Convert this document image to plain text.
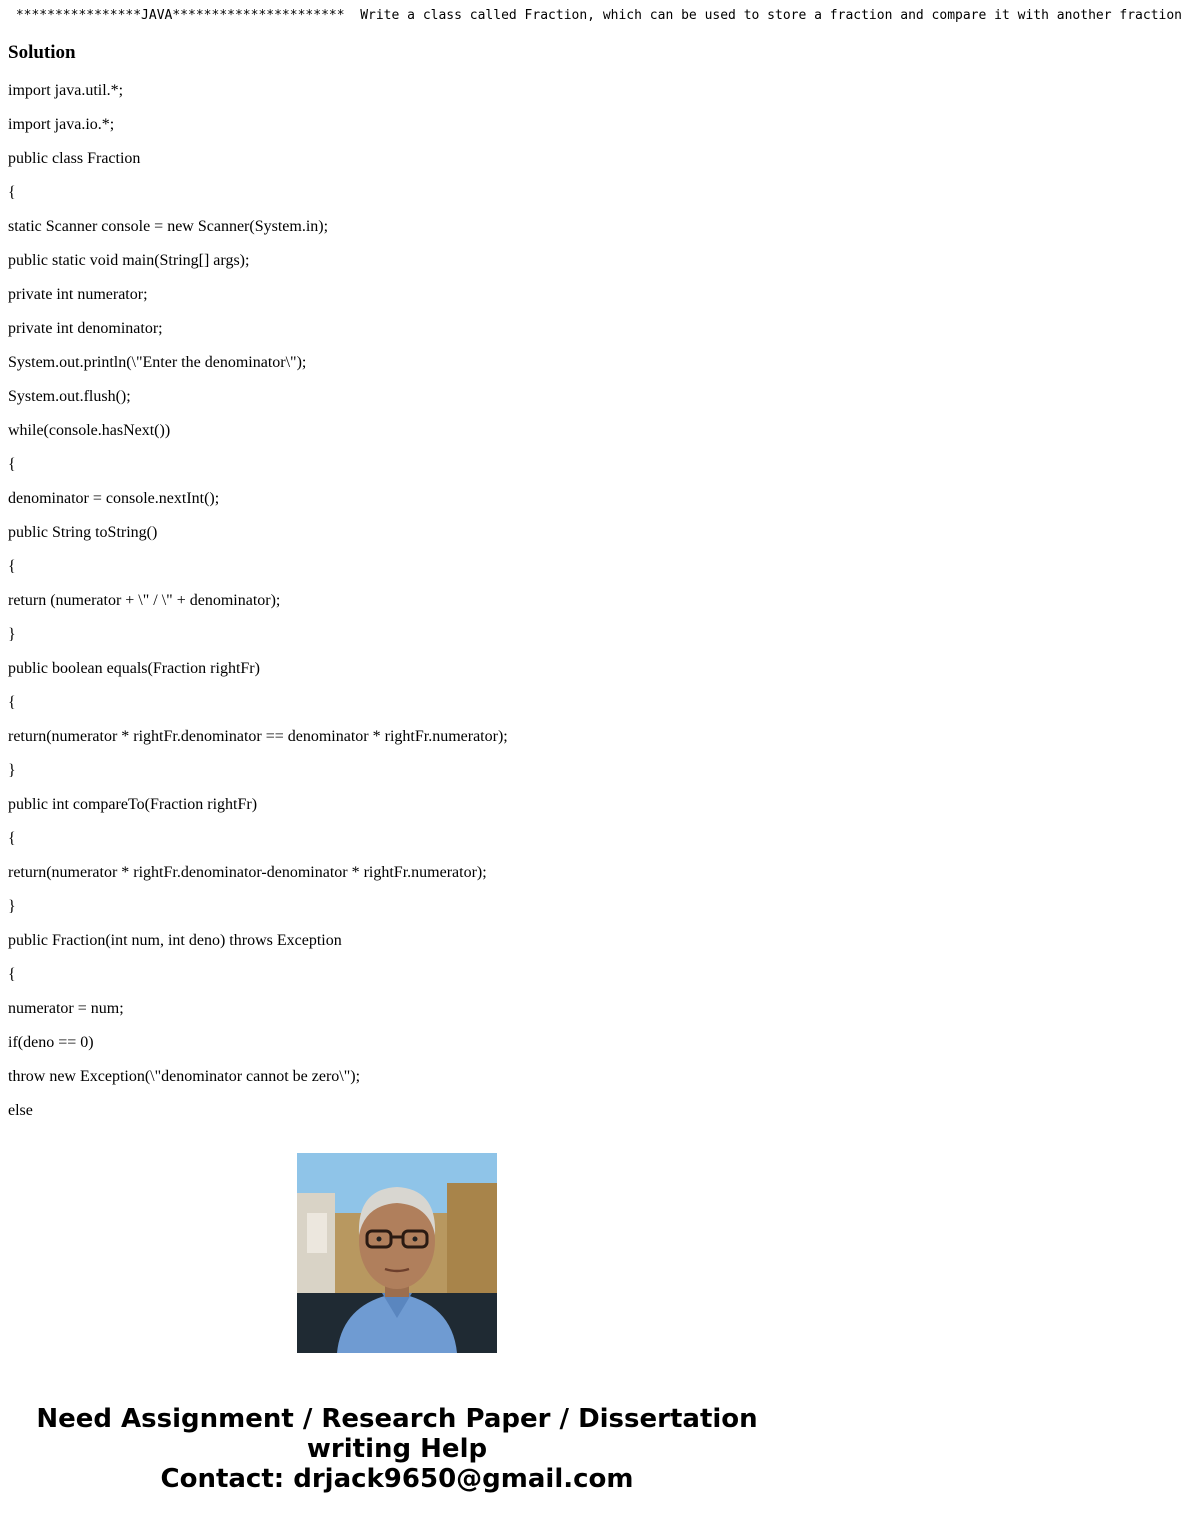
****************JAVA**********************  Write a class called Fraction, which can be used to store a fraction and compare it with another fraction
Solution
import java.util.*;
import java.io.*;
public class Fraction
{
static Scanner console = new Scanner(System.in);
public static void main(String[] args);
private int numerator;
private int denominator;
System.out.println(\"Enter the denominator\");
System.out.flush();
while(console.hasNext())
{
denominator = console.nextInt();
public String toString()
{
return (numerator + \" / \" + denominator);
}
public boolean equals(Fraction rightFr)
{
return(numerator * rightFr.denominator == denominator * rightFr.numerator);
}
public int compareTo(Fraction rightFr)
{
return(numerator * rightFr.denominator-denominator * rightFr.numerator);
}
public Fraction(int num, int deno) throws Exception
{
numerator = num;
if(deno == 0)
throw new Exception(\"denominator cannot be zero\");
else
Need Assignment / Research Paper / Dissertation
writing Help
Contact: drjack9650@gmail.com
